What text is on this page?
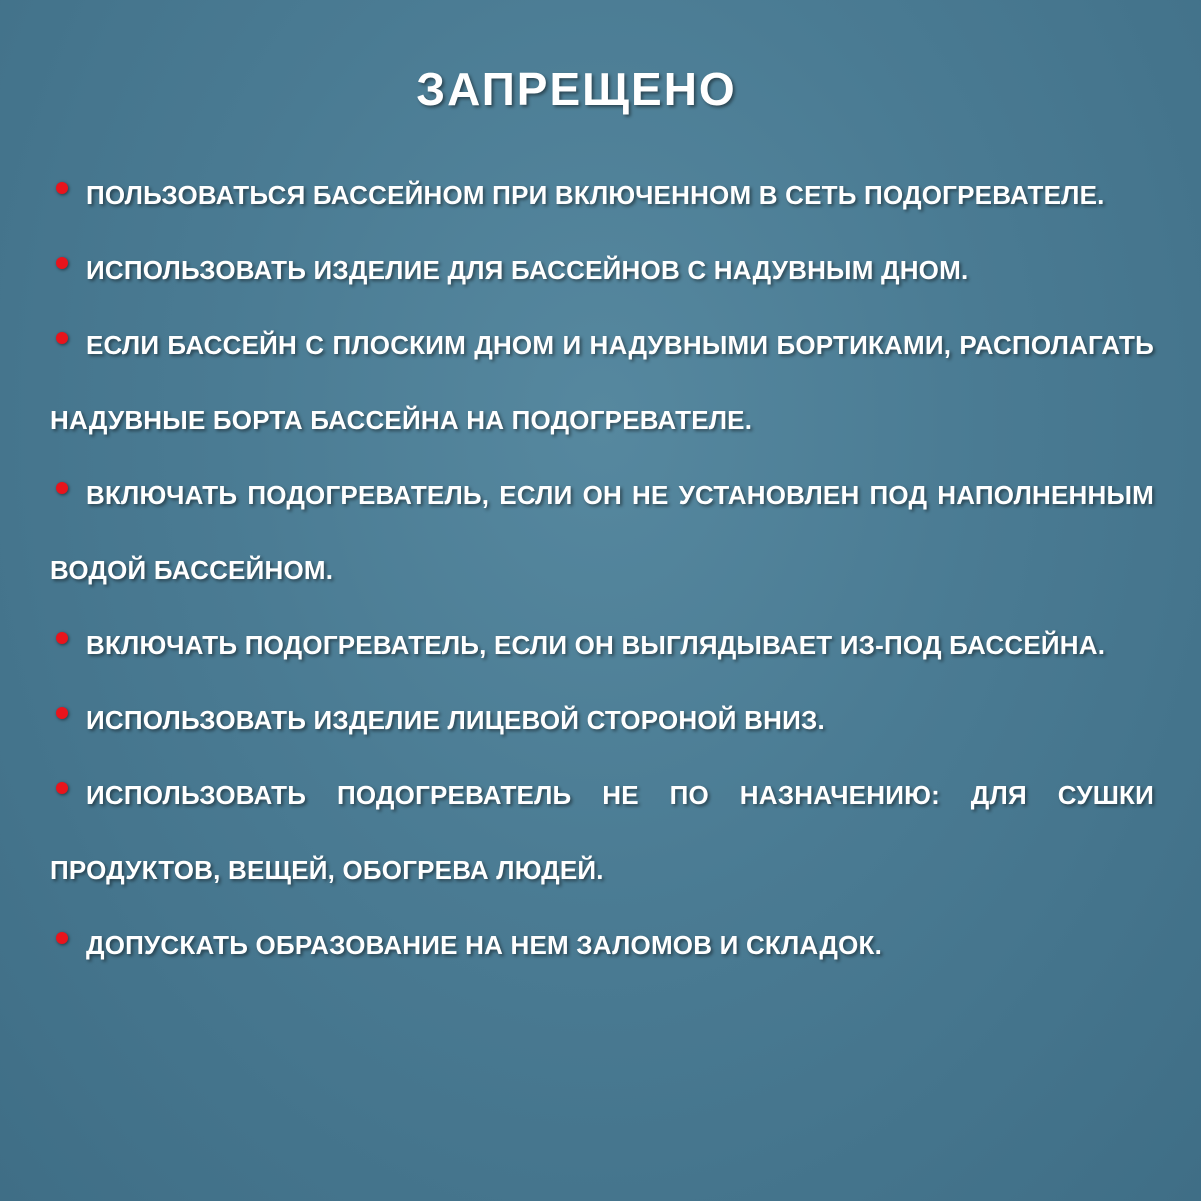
ЗАПРЕЩЕНО
ПОЛЬЗОВАТЬСЯ БАССЕЙНОМ ПРИ ВКЛЮЧЕННОМ В СЕТЬ ПОДОГРЕВАТЕЛЕ.
ИСПОЛЬЗОВАТЬ ИЗДЕЛИЕ ДЛЯ БАССЕЙНОВ С НАДУВНЫМ ДНОМ.
ЕСЛИ БАССЕЙН С ПЛОСКИМ ДНОМ И НАДУВНЫМИ БОРТИКАМИ, РАСПОЛАГАТЬ НАДУВНЫЕ БОРТА БАССЕЙНА НА ПОДОГРЕВАТЕЛЕ.
ВКЛЮЧАТЬ ПОДОГРЕВАТЕЛЬ, ЕСЛИ ОН НЕ УСТАНОВЛЕН ПОД НАПОЛНЕННЫМ ВОДОЙ БАССЕЙНОМ.
ВКЛЮЧАТЬ ПОДОГРЕВАТЕЛЬ, ЕСЛИ ОН ВЫГЛЯДЫВАЕТ ИЗ-ПОД БАССЕЙНА.
ИСПОЛЬЗОВАТЬ ИЗДЕЛИЕ ЛИЦЕВОЙ СТОРОНОЙ ВНИЗ.
ИСПОЛЬЗОВАТЬ ПОДОГРЕВАТЕЛЬ НЕ ПО НАЗНАЧЕНИЮ: ДЛЯ СУШКИ ПРОДУКТОВ, ВЕЩЕЙ, ОБОГРЕВА ЛЮДЕЙ.
ДОПУСКАТЬ ОБРАЗОВАНИЕ НА НЕМ ЗАЛОМОВ И СКЛАДОК.
